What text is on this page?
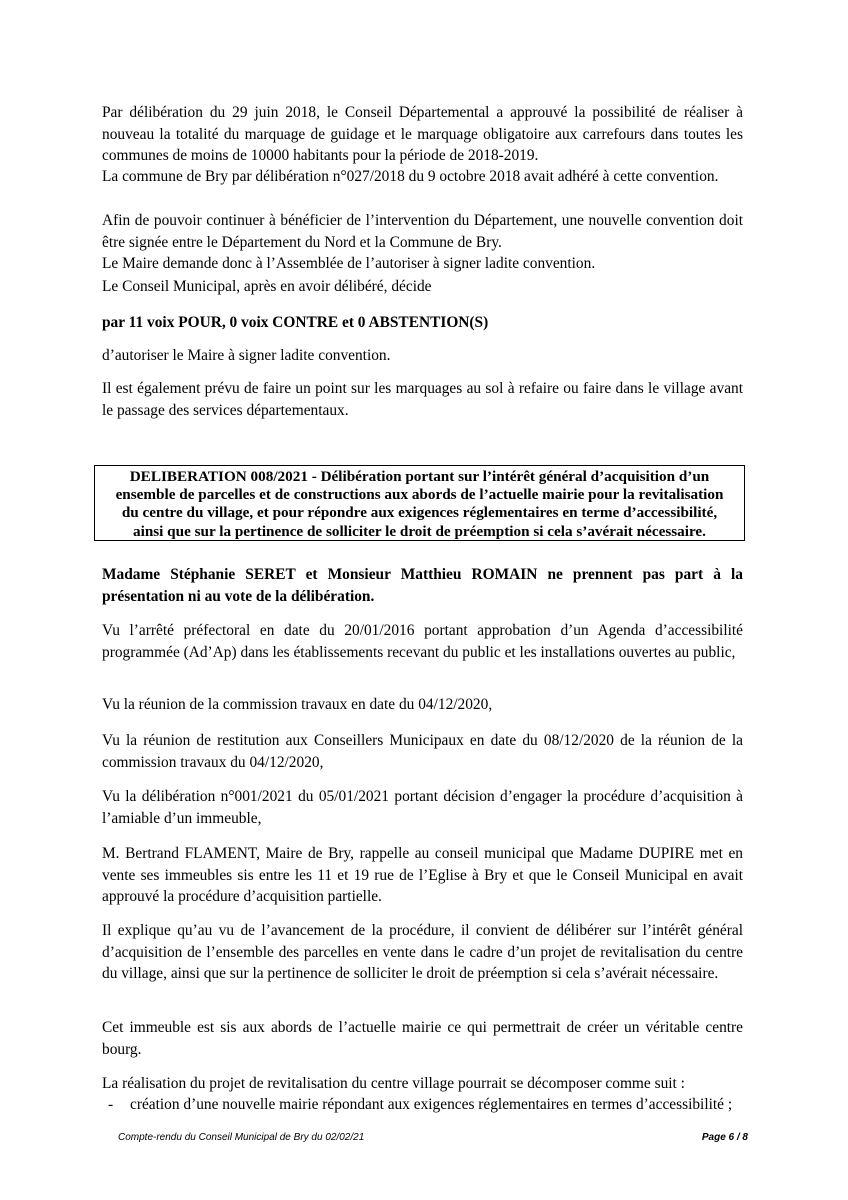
Par délibération du 29 juin 2018, le Conseil Départemental a approuvé la possibilité de réaliser à nouveau la totalité du marquage de guidage et le marquage obligatoire aux carrefours dans toutes les communes de moins de 10000 habitants pour la période de 2018-2019.

La commune de Bry par délibération n°027/2018 du 9 octobre 2018 avait adhéré à cette convention.

Afin de pouvoir continuer à bénéficier de l’intervention du Département, une nouvelle convention doit être signée entre le Département du Nord et la Commune de Bry.

Le Maire demande donc à l’Assemblée de l’autoriser à signer ladite convention.

Le Conseil Municipal, après en avoir délibéré, décide

par 11 voix POUR, 0 voix CONTRE et 0 ABSTENTION(S)

d’autoriser le Maire à signer ladite convention.

Il est également prévu de faire un point sur les marquages au sol à refaire ou faire dans le village avant le passage des services départementaux.

DELIBERATION 008/2021 - Délibération portant sur l’intérêt général d’acquisition d’un

ensemble de parcelles et de constructions aux abords de l’actuelle mairie pour la revitalisation

du centre du village, et pour répondre aux exigences réglementaires en terme d’accessibilité,

ainsi que sur la pertinence de solliciter le droit de préemption si cela s’avérait nécessaire.

Madame Stéphanie SERET et Monsieur Matthieu ROMAIN ne prennent pas part à la présentation ni au vote de la délibération.

Vu l’arrêté préfectoral en date du 20/01/2016 portant approbation d’un Agenda d’accessibilité programmée (Ad’Ap) dans les établissements recevant du public et les installations ouvertes au public,

Vu la réunion de la commission travaux en date du 04/12/2020,

Vu la réunion de restitution aux Conseillers Municipaux en date du 08/12/2020 de la réunion de la commission travaux du 04/12/2020,

Vu la délibération n°001/2021 du 05/01/2021 portant décision d’engager la procédure d’acquisition à l’amiable d’un immeuble,

M. Bertrand FLAMENT, Maire de Bry, rappelle au conseil municipal que Madame DUPIRE met en vente ses immeubles sis entre les 11 et 19 rue de l’Eglise à Bry et que le Conseil Municipal en avait approuvé la procédure d’acquisition partielle.

Il explique qu’au vu de l’avancement de la procédure, il convient de délibérer sur l’intérêt général d’acquisition de l’ensemble des parcelles en vente dans le cadre d’un projet de revitalisation du centre du village, ainsi que sur la pertinence de solliciter le droit de préemption si cela s’avérait nécessaire.

Cet immeuble est sis aux abords de l’actuelle mairie ce qui permettrait de créer un véritable centre bourg.

La réalisation du projet de revitalisation du centre village pourrait se décomposer comme suit :

- création d’une nouvelle mairie répondant aux exigences réglementaires en termes d’accessibilité ;
Compte-rendu du Conseil Municipal de Bry du 02/02/21	Page 6 / 8
